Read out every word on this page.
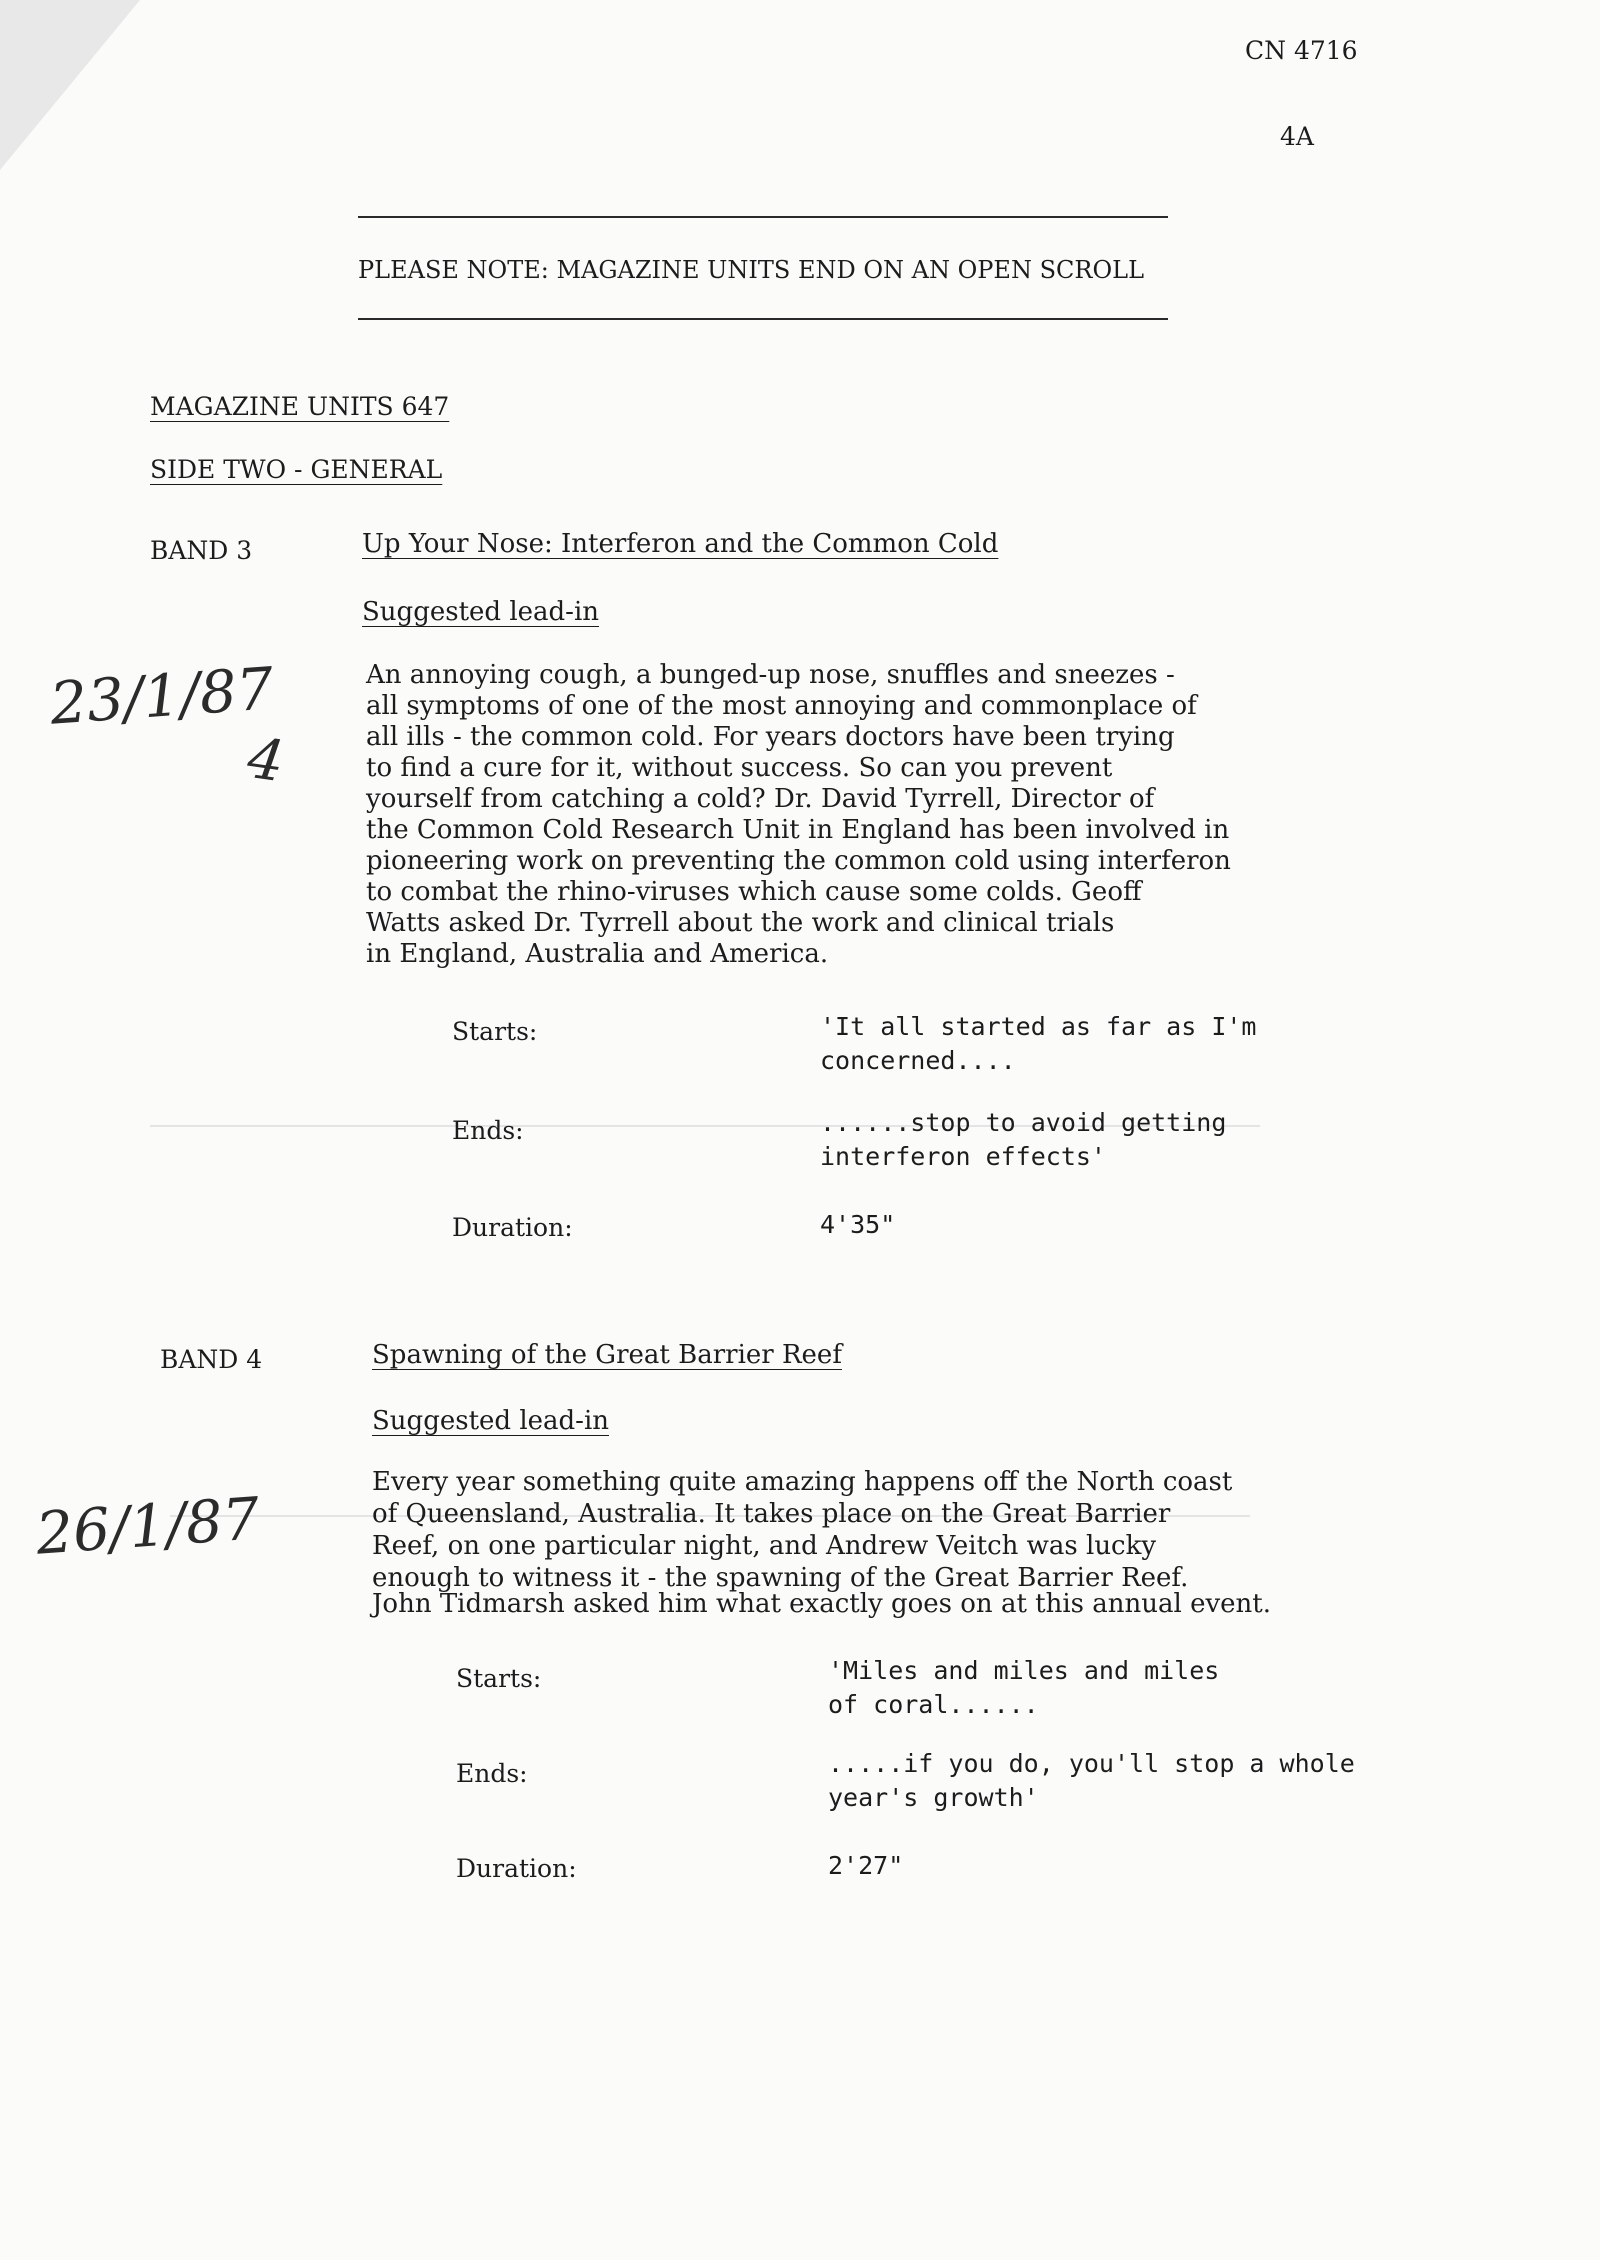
CN 4716
4A
PLEASE NOTE: MAGAZINE UNITS END ON AN OPEN SCROLL
MAGAZINE UNITS 647
SIDE TWO - GENERAL
BAND 3	Up Your Nose: Interferon and the Common Cold
Suggested lead-in
23/1/87
4
An annoying cough, a bunged-up nose, snuffles and sneezes -
all symptoms of one of the most annoying and commonplace of
all ills - the common cold. For years doctors have been trying
to find a cure for it, without success. So can you prevent
yourself from catching a cold? Dr. David Tyrrell, Director of
the Common Cold Research Unit in England has been involved in
pioneering work on preventing the common cold using interferon
to combat the rhino-viruses which cause some colds. Geoff
Watts asked Dr. Tyrrell about the work and clinical trials
in England, Australia and America.
Starts:	'It all started as far as I'm
concerned....
Ends:	......stop to avoid getting
interferon effects'
Duration:	4'35"
BAND 4	Spawning of the Great Barrier Reef
Suggested lead-in
26/1/87
Every year something quite amazing happens off the North coast
of Queensland, Australia. It takes place on the Great Barrier
Reef, on one particular night, and Andrew Veitch was lucky
enough to witness it - the spawning of the Great Barrier Reef.
John Tidmarsh asked him what exactly goes on at this annual event.
Starts:	'Miles and miles and miles
of coral......
Ends:	.....if you do, you'll stop a whole
year's growth'
Duration:	2'27"
